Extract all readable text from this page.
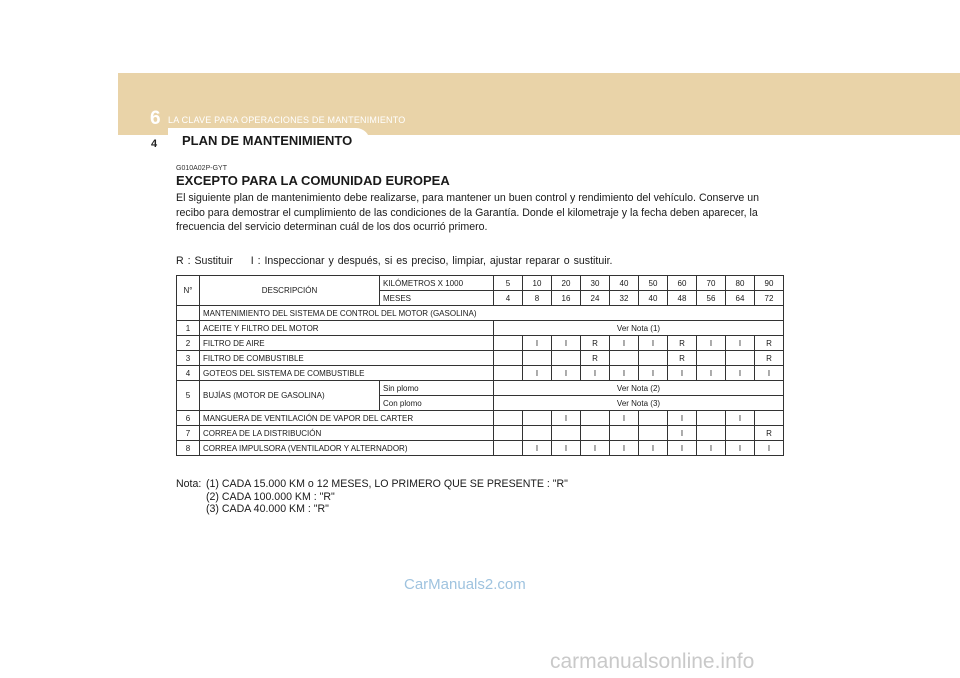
6 LA CLAVE PARA OPERACIONES DE MANTENIMIENTO
4	PLAN DE MANTENIMIENTO
G010A02P-GYT
EXCEPTO PARA LA COMUNIDAD EUROPEA
El siguiente plan de mantenimiento debe realizarse, para mantener un buen control y rendimiento del vehículo. Conserve un recibo para demostrar el cumplimiento de las condiciones de la Garantía. Donde el kilometraje y la fecha deben aparecer, la frecuencia del servicio determinan cuál de los dos ocurrió primero.
R : Sustituir I : Inspeccionar y después, si es preciso, limpiar, ajustar reparar o sustituir.
N°	DESCRIPCIÓN	KILÓMETROS X 1000	5	10	20	30	40	50	60	70	80	90
		MESES	4	8	16	24	32	40	48	56	64	72
	MANTENIMIENTO DEL SISTEMA DE CONTROL DEL MOTOR (GASOLINA)											
1	ACEITE Y FILTRO DEL MOTOR		Ver Nota (1)									
2	FILTRO DE AIRE			I	I	R	I	I	R	I	I	R
3	FILTRO DE COMBUSTIBLE					R			R			R
4	GOTEOS DEL SISTEMA DE COMBUSTIBLE			I	I	I	I	I	I	I	I	I
5	BUJÍAS (MOTOR DE GASOLINA)	Sin plomo	Ver Nota (2)									
		Con plomo	Ver Nota (3)									
6	MANGUERA DE VENTILACIÓN DE VAPOR DEL CARTER				I		I		I		I	
7	CORREA DE LA DISTRIBUCIÓN								I			R
8	CORREA IMPULSORA (VENTILADOR Y ALTERNADOR)			I	I	I	I	I	I	I	I	I
Nota: (1) CADA 15.000 KM o 12 MESES, LO PRIMERO QUE SE PRESENTE : "R"
(2) CADA 100.000 KM : "R"
(3) CADA 40.000 KM : "R"
CarManuals2.com
carmanualsonline.info
